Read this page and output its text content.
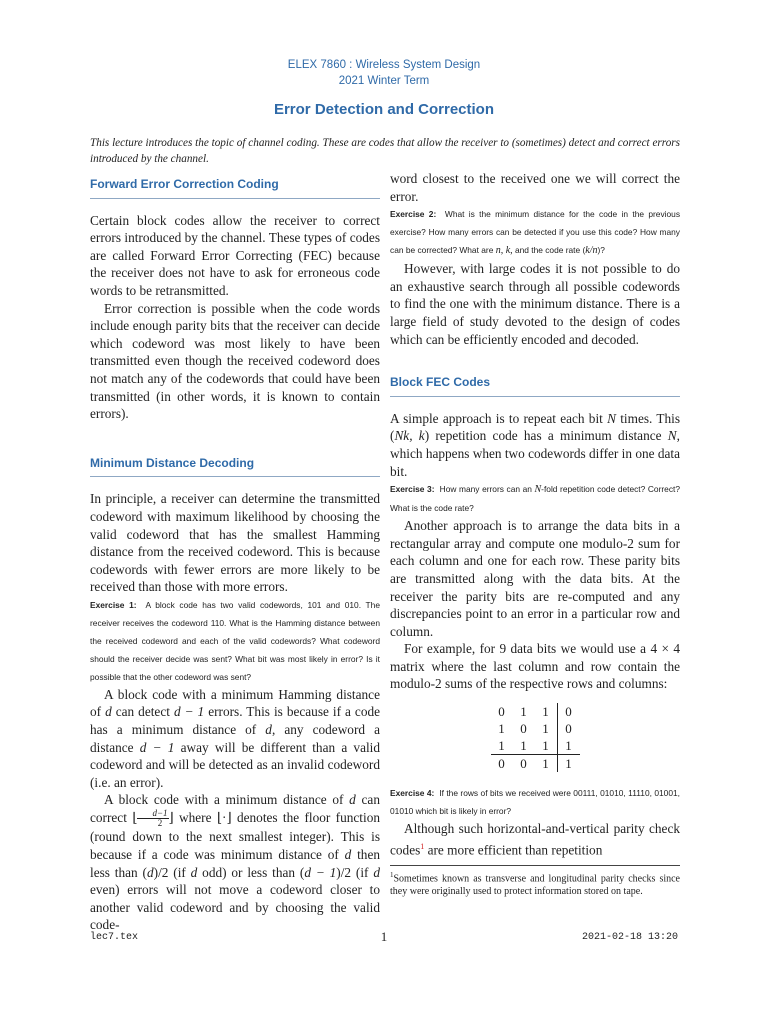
ELEX 7860 : Wireless System Design
2021 Winter Term
Error Detection and Correction
This lecture introduces the topic of channel coding. These are codes that allow the receiver to (sometimes) detect and correct errors introduced by the channel.
Forward Error Correction Coding

Certain block codes allow the receiver to correct errors introduced by the channel. These types of codes are called Forward Error Correcting (FEC) because the receiver does not have to ask for erroneous code words to be retransmitted.

Error correction is possible when the code words include enough parity bits that the receiver can decide which codeword was most likely to have been transmitted even though the received codeword does not match any of the codewords that could have been transmitted (in other words, it is known to contain errors).

Minimum Distance Decoding

In principle, a receiver can determine the transmitted codeword with maximum likelihood by choosing the valid codeword that has the smallest Hamming distance from the received codeword. This is because codewords with fewer errors are more likely to be received than those with more errors.

Exercise 1: A block code has two valid codewords, 101 and 010. The receiver receives the codeword 110. What is the Hamming distance between the received codeword and each of the valid codewords? What codeword should the receiver decide was sent? What bit was most likely in error? Is it possible that the other codeword was sent?

A block code with a minimum Hamming distance of d can detect d − 1 errors. This is because if a code has a minimum distance of d, any codeword a distance d − 1 away will be different than a valid codeword and will be detected as an invalid codeword (i.e. an error).

A block code with a minimum distance of d can correct ⌊ $\frac{d-1}{2}$ ⌋ where ⌊·⌋ denotes the floor function (round down to the next smallest integer). This is because if a code was minimum distance of d then less than (d)/2 (if d odd) or less than (d − 1)/2 (if d even) errors will not move a codeword closer to another valid codeword and by choosing the valid code-

word closest to the received one we will correct the error.

Exercise 2: What is the minimum distance for the code in the previous exercise? How many errors can be detected if you use this code? How many can be corrected? What are n, k, and the code rate (k/n)?

However, with large codes it is not possible to do an exhaustive search through all possible codewords to find the one with the minimum distance. There is a large field of study devoted to the design of codes which can be efficiently encoded and decoded.

Block FEC Codes

A simple approach is to repeat each bit N times. This (Nk, k) repetition code has a minimum distance N, which happens when two codewords differ in one data bit.

Exercise 3: How many errors can an N-fold repetition code detect? Correct? What is the code rate?

Another approach is to arrange the data bits in a rectangular array and compute one modulo-2 sum for each column and one for each row. These parity bits are transmitted along with the data bits. At the receiver the parity bits are re-computed and any discrepancies point to an error in a particular row and column.

For example, for 9 data bits we would use a 4 × 4 matrix where the last column and row contain the modulo-2 sums of the respective rows and columns:

0	1	1	0
1	0	1	0
1	1	1	1
0	0	1	1

Exercise 4: If the rows of bits we received were 00111, 01010, 11110, 01001, 01010 which bit is likely in error?

Although such horizontal-and-vertical parity check codes$^1$ are more efficient than repetition

$^1$Sometimes known as transverse and longitudinal parity checks since they were originally used to protect information stored on tape.
lec7.tex	1	2021-02-18 13:20
